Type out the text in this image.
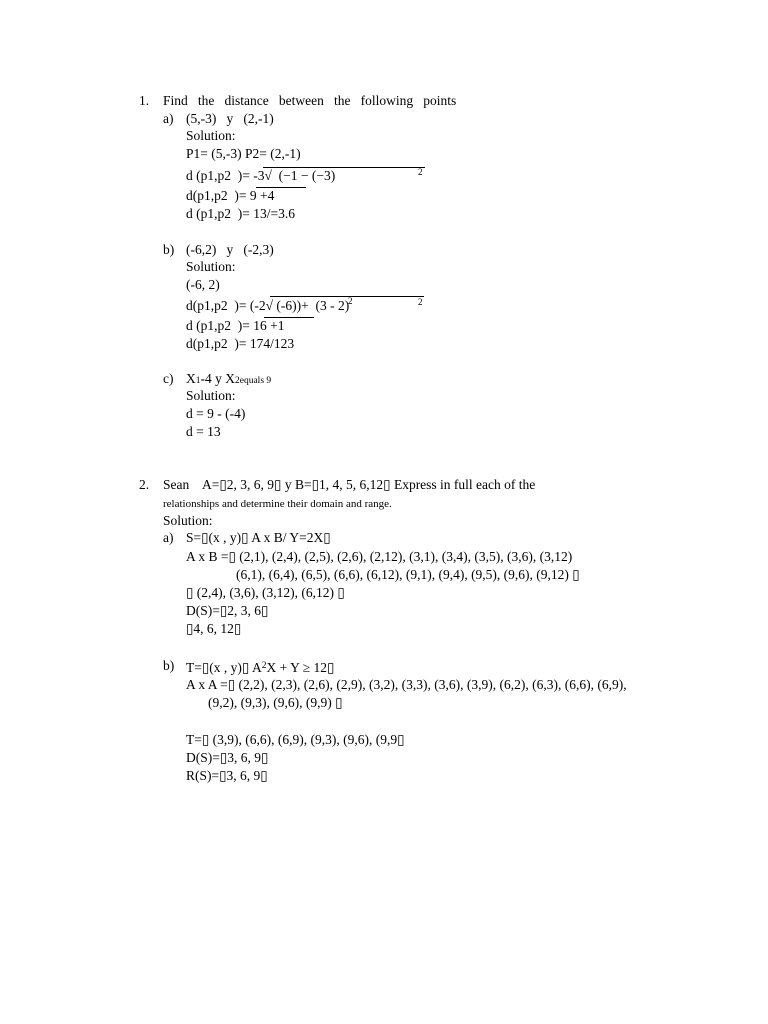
1. Find   the   distance   between   the   following   points
a) (5,-3)   y   (2,-1)
Solution:
P1= (5,-3) P2= (2,-1)
d (p1,p2  )= -3√  (−1 − (−3)	2
d(p1,p2  )= 9 +4
d (p1,p2  )= 13/=3.6
b) (-6,2)   y   (-2,3)
Solution:
(-6, 2)
d(p1,p2  )= (-2√ (-6))+  (3 - 2)
2	2
d (p1,p2  )= 16 +1
d(p1,p2  )= 174/123
c) X1-4 y X2equals 9
Solution:
d = 9 - (-4)
d = 13
2. Sean    A=▯2, 3, 6, 9▯ y B=▯1, 4, 5, 6,12▯ Express in full each of the
relationships and determine their domain and range.
Solution:
a) S=▯(x , y)▯ A x B/ Y=2X▯
A x B =▯ (2,1), (2,4), (2,5), (2,6), (2,12), (3,1), (3,4), (3,5), (3,6), (3,12)
(6,1), (6,4), (6,5), (6,6), (6,12), (9,1), (9,4), (9,5), (9,6), (9,12) ▯
▯ (2,4), (3,6), (3,12), (6,12) ▯
D(S)=▯2, 3, 6▯
▯4, 6, 12▯
b) T=▯(x , y)▯ $A^2X + Y$ ≥ 12▯
A x A =▯ (2,2), (2,3), (2,6), (2,9), (3,2), (3,3), (3,6), (3,9), (6,2), (6,3), (6,6), (6,9),
(9,2), (9,3), (9,6), (9,9) ▯
T=▯ (3,9), (6,6), (6,9), (9,3), (9,6), (9,9▯
D(S)=▯3, 6, 9▯
R(S)=▯3, 6, 9▯
